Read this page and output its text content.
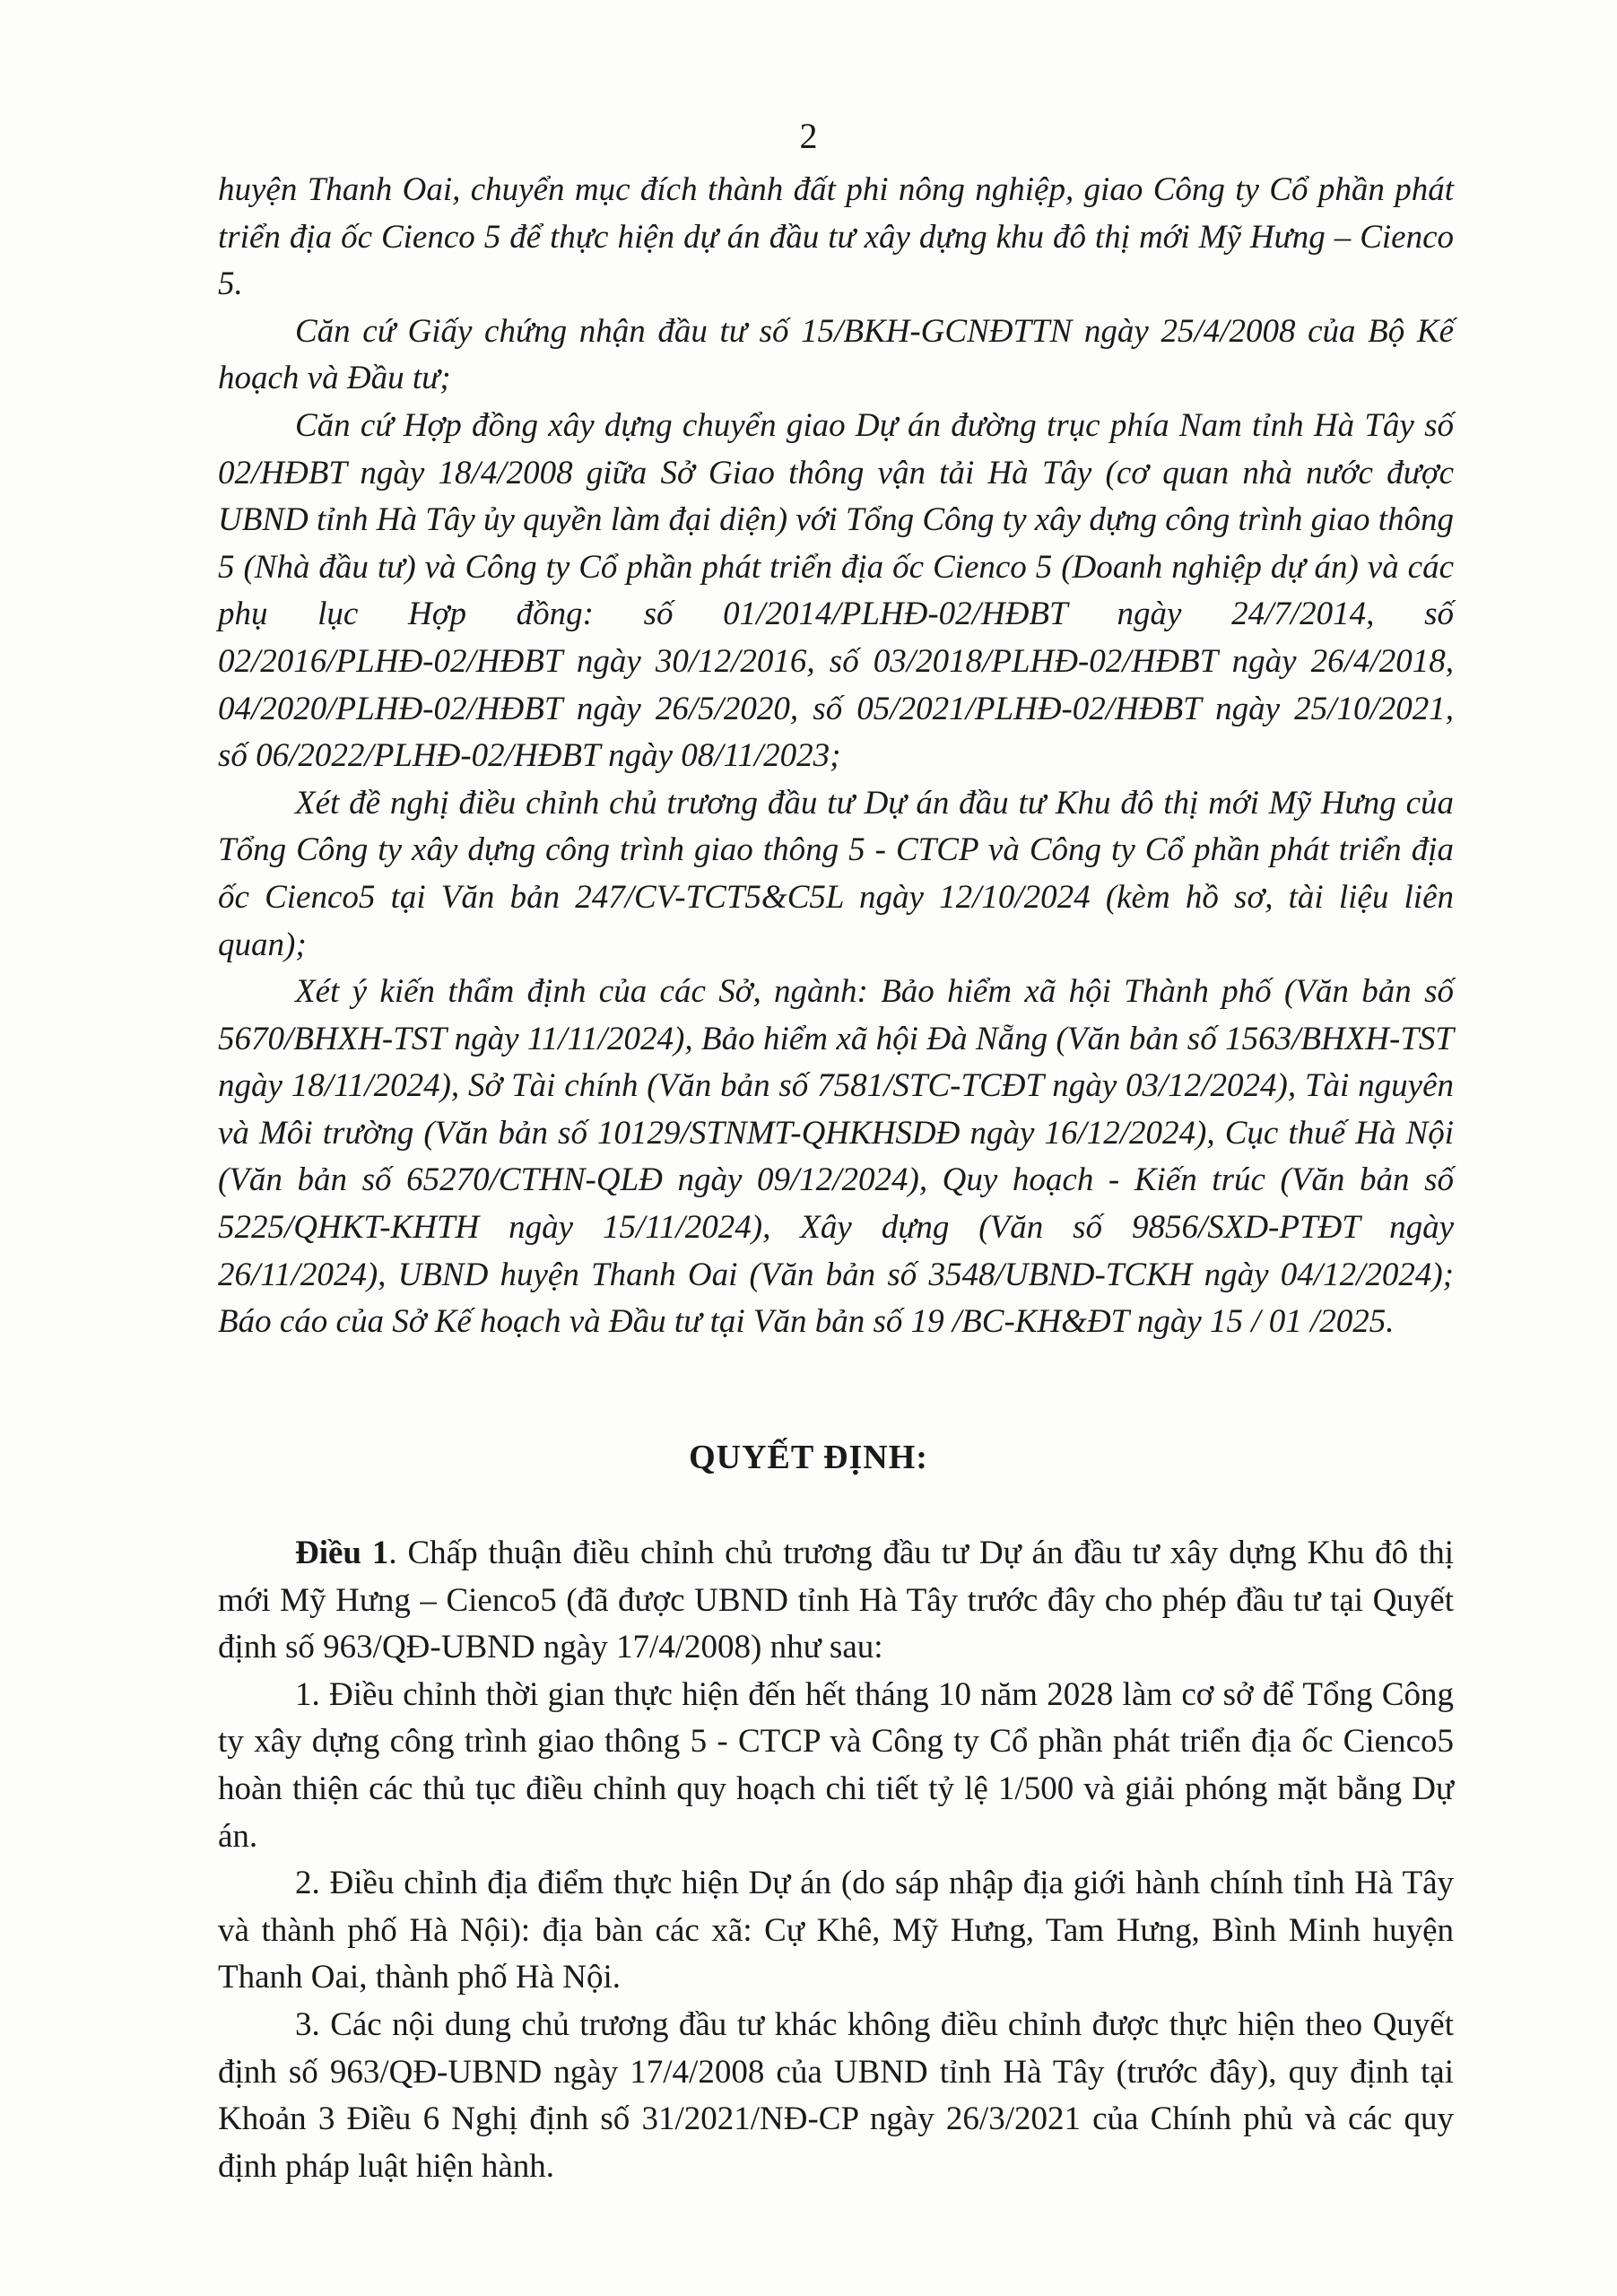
2

huyện Thanh Oai, chuyển mục đích thành đất phi nông nghiệp, giao Công ty Cổ phần phát triển địa ốc Cienco 5 để thực hiện dự án đầu tư xây dựng khu đô thị mới Mỹ Hưng – Cienco 5.

Căn cứ Giấy chứng nhận đầu tư số 15/BKH-GCNĐTTN ngày 25/4/2008 của Bộ Kế hoạch và Đầu tư;

Căn cứ Hợp đồng xây dựng chuyển giao Dự án đường trục phía Nam tỉnh Hà Tây số 02/HĐBT ngày 18/4/2008 giữa Sở Giao thông vận tải Hà Tây (cơ quan nhà nước được UBND tỉnh Hà Tây ủy quyền làm đại diện) với Tổng Công ty xây dựng công trình giao thông 5 (Nhà đầu tư) và Công ty Cổ phần phát triển địa ốc Cienco 5 (Doanh nghiệp dự án) và các phụ lục Hợp đồng: số 01/2014/PLHĐ-02/HĐBT ngày 24/7/2014, số 02/2016/PLHĐ-02/HĐBT ngày 30/12/2016, số 03/2018/PLHĐ-02/HĐBT ngày 26/4/2018, 04/2020/PLHĐ-02/HĐBT ngày 26/5/2020, số 05/2021/PLHĐ-02/HĐBT ngày 25/10/2021, số 06/2022/PLHĐ-02/HĐBT ngày 08/11/2023;

Xét đề nghị điều chỉnh chủ trương đầu tư Dự án đầu tư Khu đô thị mới Mỹ Hưng của Tổng Công ty xây dựng công trình giao thông 5 - CTCP và Công ty Cổ phần phát triển địa ốc Cienco5 tại Văn bản 247/CV-TCT5&C5L ngày 12/10/2024 (kèm hồ sơ, tài liệu liên quan);

Xét ý kiến thẩm định của các Sở, ngành: Bảo hiểm xã hội Thành phố (Văn bản số 5670/BHXH-TST ngày 11/11/2024), Bảo hiểm xã hội Đà Nẵng (Văn bản số 1563/BHXH-TST ngày 18/11/2024), Sở Tài chính (Văn bản số 7581/STC-TCĐT ngày 03/12/2024), Tài nguyên và Môi trường (Văn bản số 10129/STNMT-QHKHSDĐ ngày 16/12/2024), Cục thuế Hà Nội (Văn bản số 65270/CTHN-QLĐ ngày 09/12/2024), Quy hoạch - Kiến trúc (Văn bản số 5225/QHKT-KHTH ngày 15/11/2024), Xây dựng (Văn số 9856/SXD-PTĐT ngày 26/11/2024), UBND huyện Thanh Oai (Văn bản số 3548/UBND-TCKH ngày 04/12/2024); Báo cáo của Sở Kế hoạch và Đầu tư tại Văn bản số 19 /BC-KH&ĐT ngày 15 / 01 /2025.

QUYẾT ĐỊNH:

Điều 1. Chấp thuận điều chỉnh chủ trương đầu tư Dự án đầu tư xây dựng Khu đô thị mới Mỹ Hưng – Cienco5 (đã được UBND tỉnh Hà Tây trước đây cho phép đầu tư tại Quyết định số 963/QĐ-UBND ngày 17/4/2008) như sau:

1. Điều chỉnh thời gian thực hiện đến hết tháng 10 năm 2028 làm cơ sở để Tổng Công ty xây dựng công trình giao thông 5 - CTCP và Công ty Cổ phần phát triển địa ốc Cienco5 hoàn thiện các thủ tục điều chỉnh quy hoạch chi tiết tỷ lệ 1/500 và giải phóng mặt bằng Dự án.

2. Điều chỉnh địa điểm thực hiện Dự án (do sáp nhập địa giới hành chính tỉnh Hà Tây và thành phố Hà Nội): địa bàn các xã: Cự Khê, Mỹ Hưng, Tam Hưng, Bình Minh huyện Thanh Oai, thành phố Hà Nội.

3. Các nội dung chủ trương đầu tư khác không điều chỉnh được thực hiện theo Quyết định số 963/QĐ-UBND ngày 17/4/2008 của UBND tỉnh Hà Tây (trước đây), quy định tại Khoản 3 Điều 6 Nghị định số 31/2021/NĐ-CP ngày 26/3/2021 của Chính phủ và các quy định pháp luật hiện hành.
